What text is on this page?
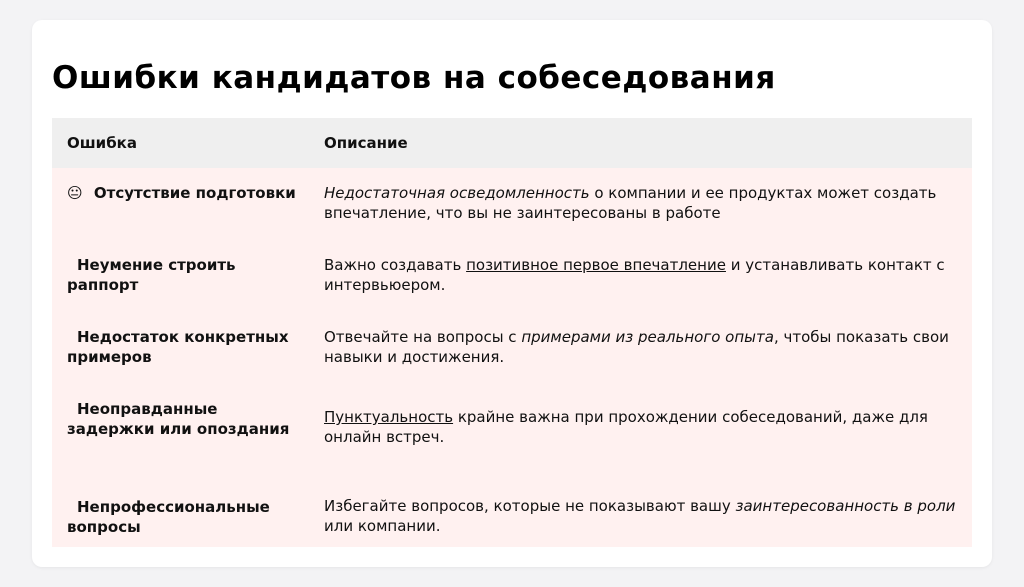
Ошибки кандидатов на собеседования
Ошибка	Описание
😐 Отсутствие подготовки	Недостаточная осведомленность о компании и ее продуктах может создать впечатление, что вы не заинтересованы в работе
Неумение строить раппорт	Важно создавать позитивное первое впечатление и устанавливать контакт с интервьюером.
Недостаток конкретных примеров	Отвечайте на вопросы с примерами из реального опыта, чтобы показать свои навыки и достижения.
Неоправданные задержки или опоздания	Пунктуальность крайне важна при прохождении собеседований, даже для онлайн встреч.
Непрофессиональные вопросы	Избегайте вопросов, которые не показывают вашу заинтересованность в роли или компании.
